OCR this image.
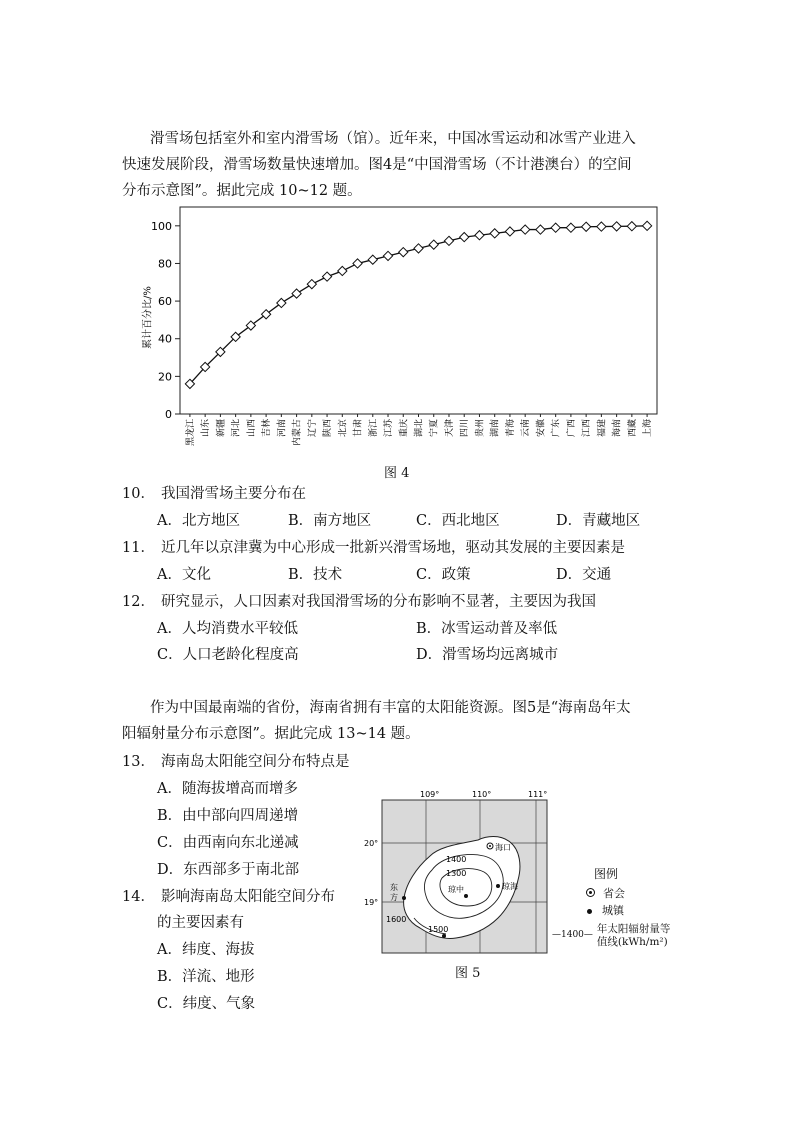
滑雪场包括室外和室内滑雪场（馆）。近年来，中国冰雪运动和冰雪产业进入

快速发展阶段，滑雪场数量快速增加。图4是“中国滑雪场（不计港澳台）的空间

分布示意图”。据此完成 10~12 题。

累计百分比/%
0
20
40
60
80
100
黑龙江 山东 新疆 河北 山西 吉林 河南 内蒙古 辽宁 陕西 北京 甘肃 浙江 江苏 重庆 湖北 宁夏 天津 四川 贵州 湖南 青海 云南 安徽 广东 广西 江西 福建 海南 西藏 上海
图 4
10． 我国滑雪场主要分布在
A．北方地区	B．南方地区	C．西北地区	D．青藏地区
11． 近几年以京津冀为中心形成一批新兴滑雪场地，驱动其发展的主要因素是
A．文化	B．技术	C．政策	D．交通
12． 研究显示，人口因素对我国滑雪场的分布影响不显著，主要因为我国
A．人均消费水平较低	B．冰雪运动普及率低
C．人口老龄化程度高	D．滑雪场均远离城市

作为中国最南端的省份，海南省拥有丰富的太阳能资源。图5是“海南岛年太

阳辐射量分布示意图”。据此完成 13~14 题。

13． 海南岛太阳能空间分布特点是
A．随海拔增高而增多
B．由中部向四周递增
C．由西南向东北递减
D．东西部多于南北部
14． 影响海南岛太阳能空间分布
的主要因素有
A．纬度、海拔
B．洋流、地形
C．纬度、气象
109°	110°	111°
20°
19°
海口
琼海
琼中
东
方
1400
1300
1500
1600
图 5
图例
省会
城镇
—1400— 年太阳辐射量等
值线(kWh/m²)
